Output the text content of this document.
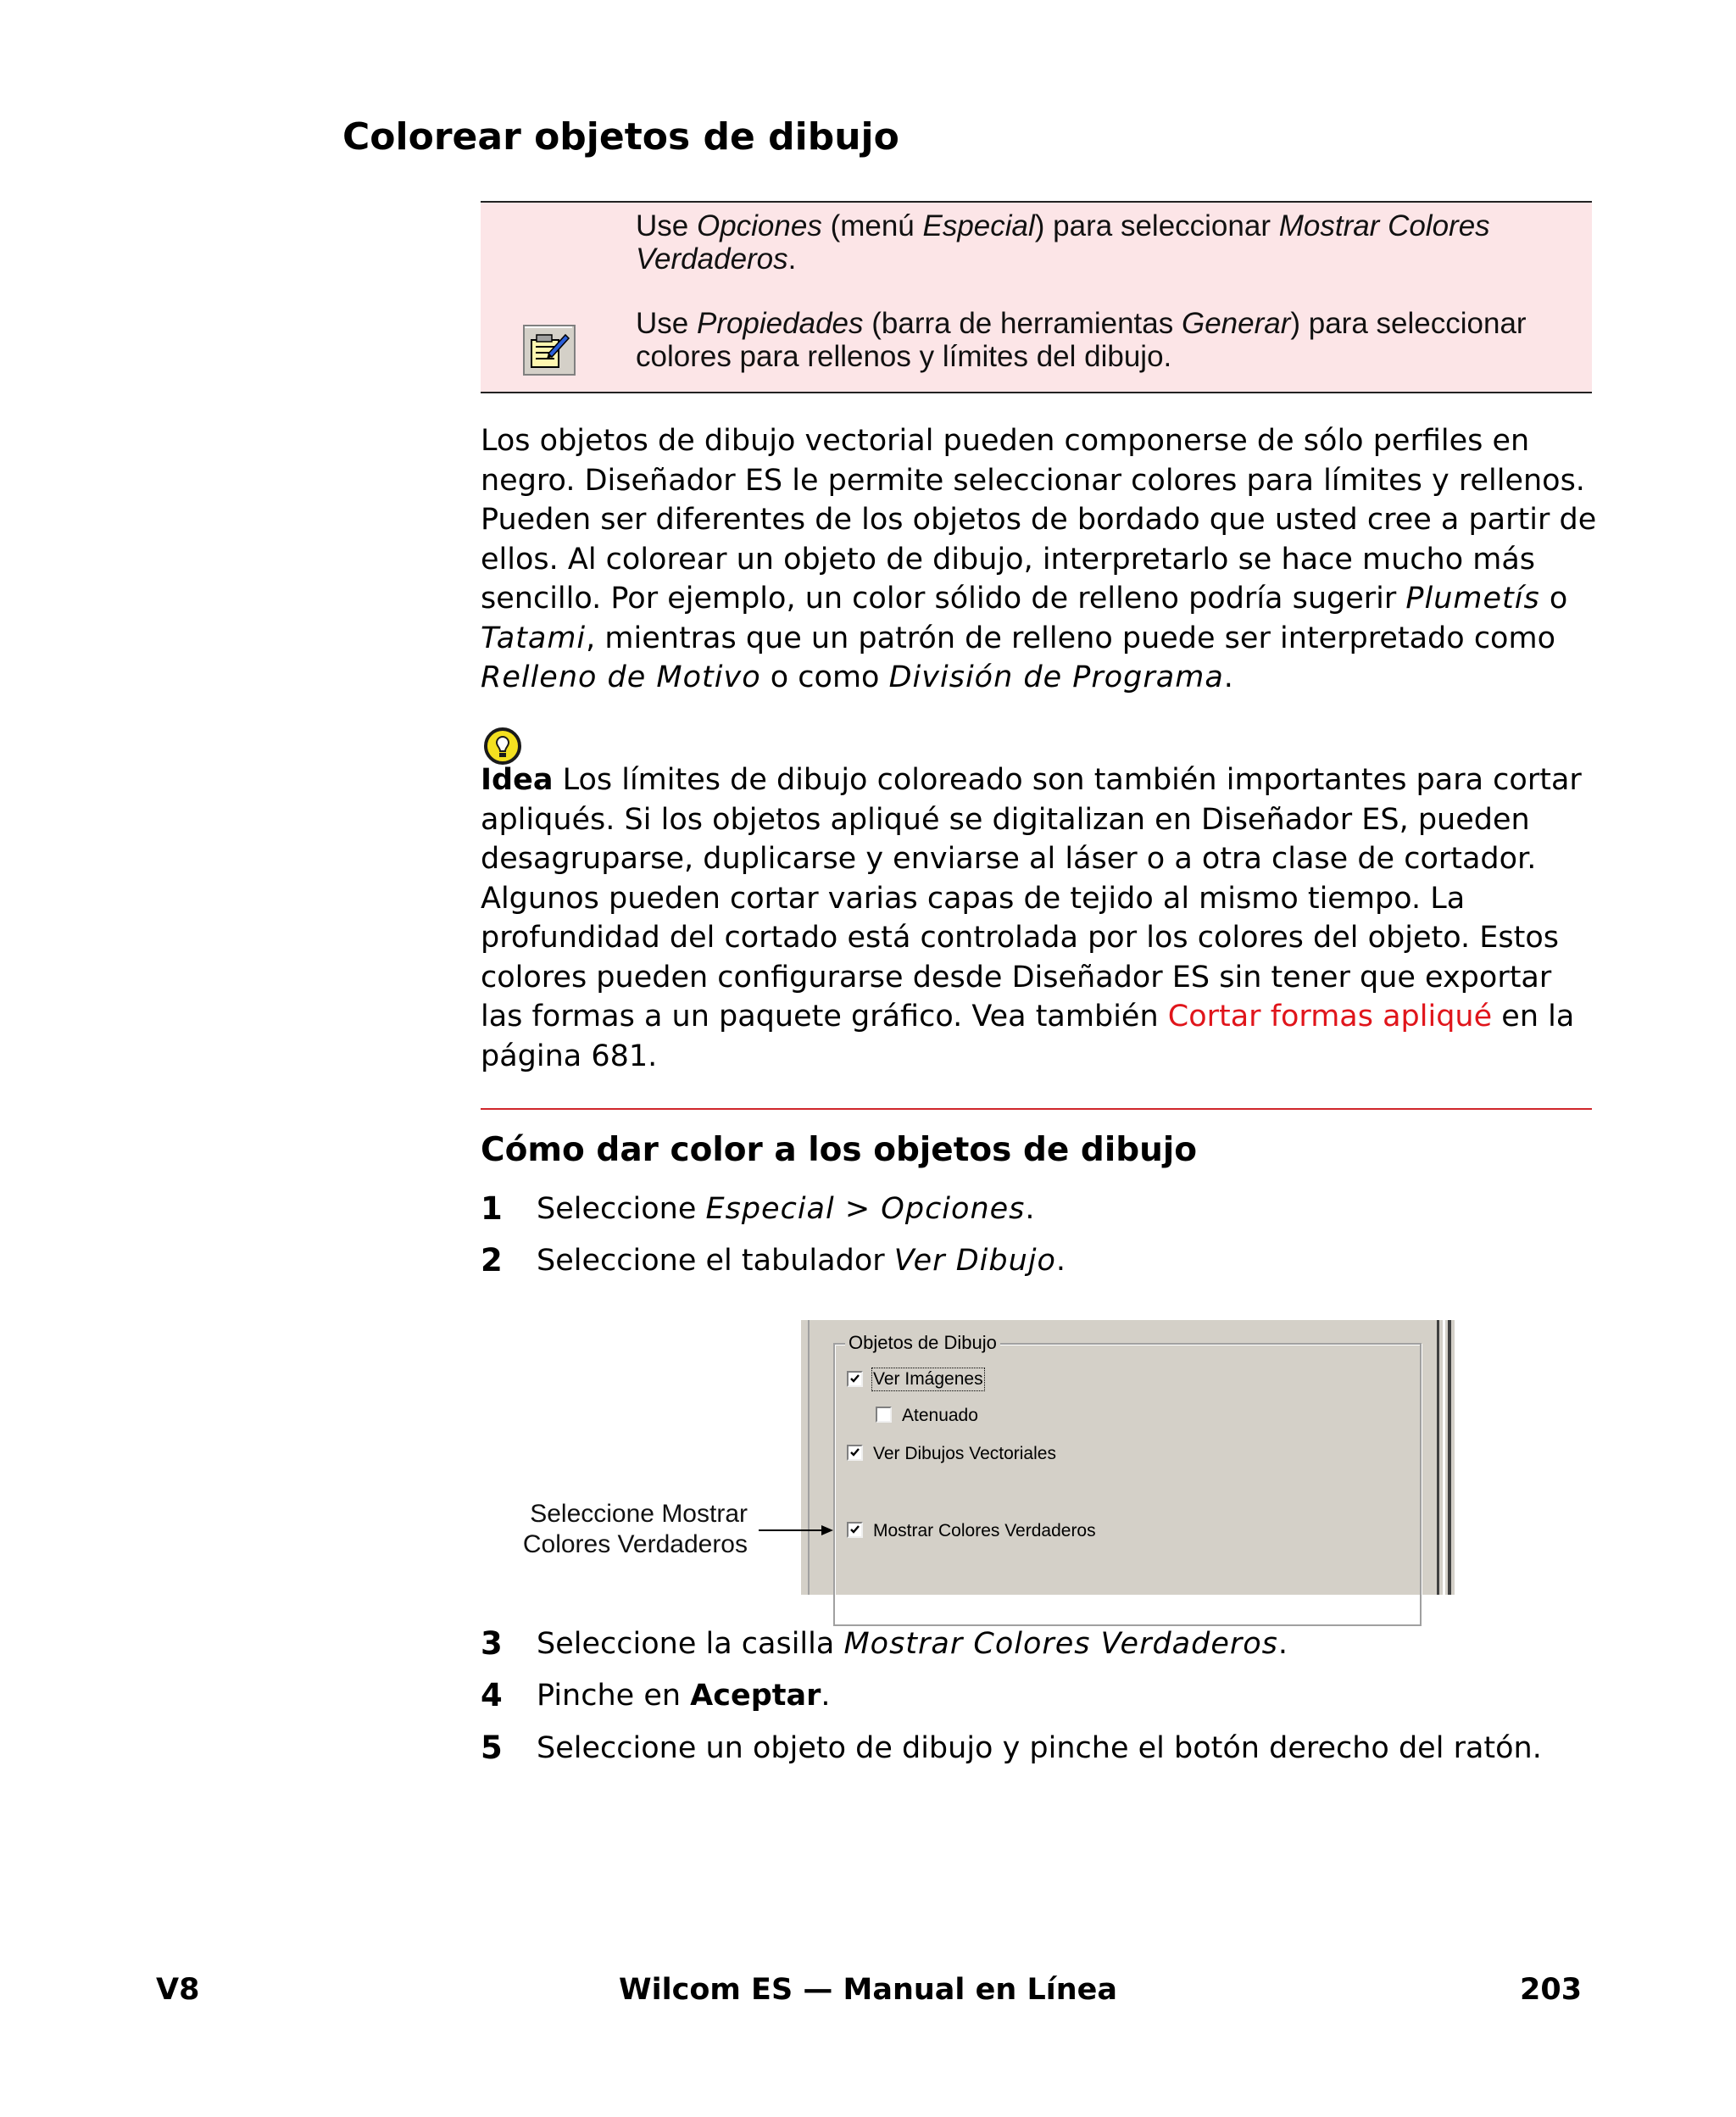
Colorear objetos de dibujo
Use Opciones (menú Especial) para seleccionar Mostrar Colores Verdaderos.
Use Propiedades (barra de herramientas Generar) para seleccionar colores para rellenos y límites del dibujo.
Los objetos de dibujo vectorial pueden componerse de sólo perfiles en negro. Diseñador ES le permite seleccionar colores para límites y rellenos. Pueden ser diferentes de los objetos de bordado que usted cree a partir de ellos. Al colorear un objeto de dibujo, interpretarlo se hace mucho más sencillo. Por ejemplo, un color sólido de relleno podría sugerir Plumetís o Tatami, mientras que un patrón de relleno puede ser interpretado como Relleno de Motivo o como División de Programa.
Idea Los límites de dibujo coloreado son también importantes para cortar apliqués. Si los objetos apliqué se digitalizan en Diseñador ES, pueden desagruparse, duplicarse y enviarse al láser o a otra clase de cortador. Algunos pueden cortar varias capas de tejido al mismo tiempo. La profundidad del cortado está controlada por los colores del objeto. Estos colores pueden configurarse desde Diseñador ES sin tener que exportar las formas a un paquete gráfico. Vea también Cortar formas apliqué en la página 681.
Cómo dar color a los objetos de dibujo
1 Seleccione Especial > Opciones.
2 Seleccione el tabulador Ver Dibujo.
Objetos de Dibujo
Ver Imágenes
Atenuado
Ver Dibujos Vectoriales
Mostrar Colores Verdaderos
Seleccione Mostrar
Colores Verdaderos
3 Seleccione la casilla Mostrar Colores Verdaderos.
4 Pinche en Aceptar.
5 Seleccione un objeto de dibujo y pinche el botón derecho del ratón.
V8	Wilcom ES — Manual en Línea	203
